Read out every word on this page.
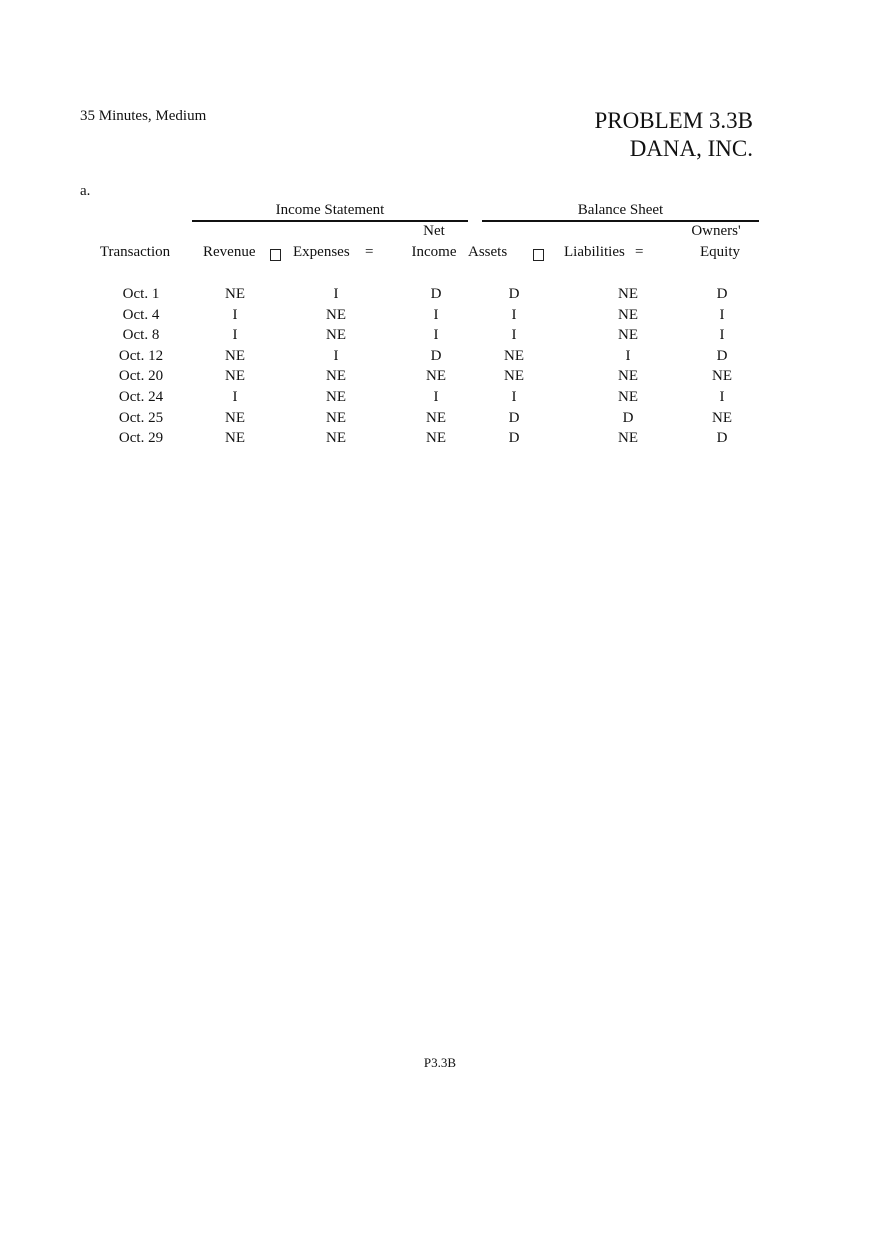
35 Minutes, Medium	PROBLEM 3.3B
DANA, INC.
a.
Income Statement	Balance Sheet
Transaction Revenue	Expenses =
Net
Income Assets	Liabilities =
Owners'
Equity
Oct. 1	NE	I	D	D	NE	D
Oct. 4	I	NE	I	I	NE	I
Oct. 8	I	NE	I	I	NE	I
Oct. 12	NE	I	D	NE	I	D
Oct. 20	NE	NE	NE	NE	NE	NE
Oct. 24	I	NE	I	I	NE	I
Oct. 25	NE	NE	NE	D	D	NE
Oct. 29	NE	NE	NE	D	NE	D
P3.3B
